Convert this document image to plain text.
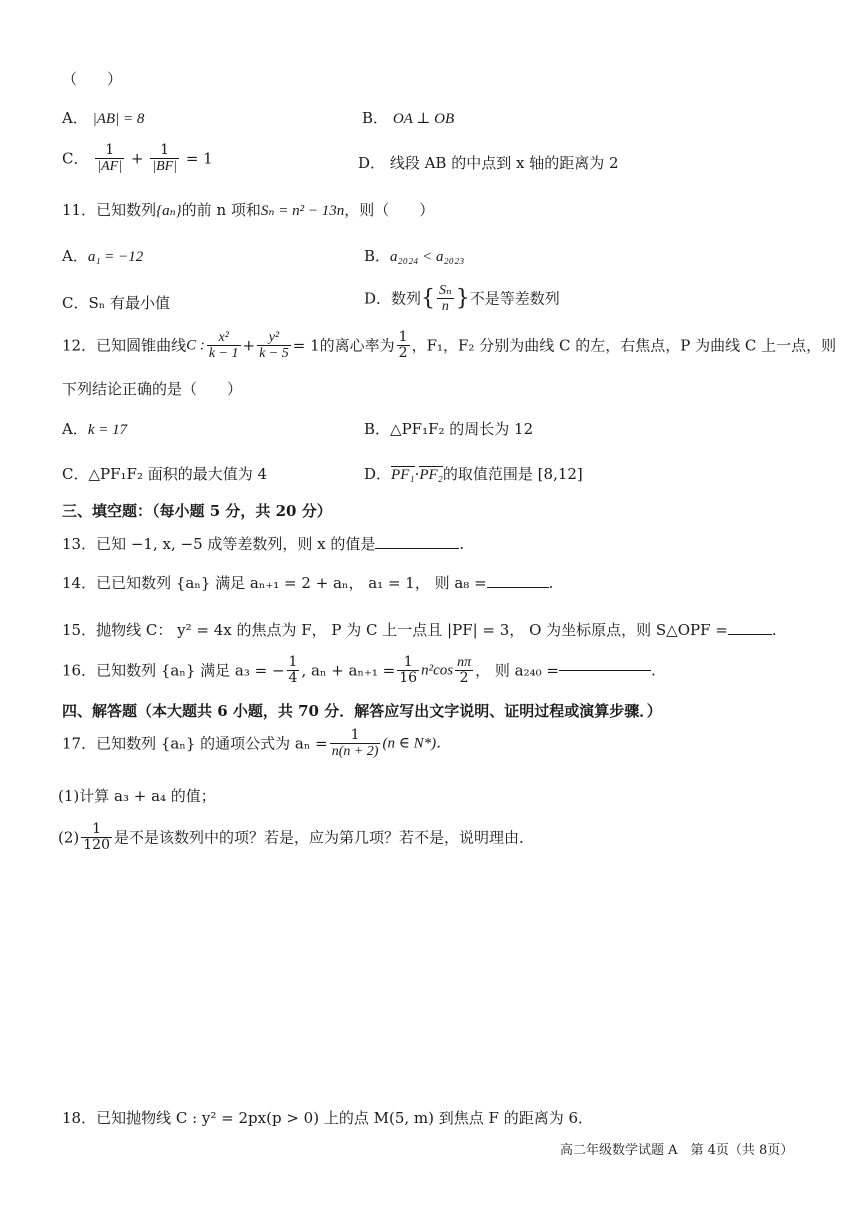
（　　）
A． |AB| = 8	B． OA ⊥ OB
C． $\frac{1}{|AF|} + \frac{1}{|BF|} = 1$	D． 线段 AB 的中点到 x 轴的距离为 2
11．已知数列{aₙ}的前 n 项和Sₙ = n² − 13n，则（　　）
A．a₁ = −12	B．a₂₀₂₄ < a₂₀₂₃
C．Sₙ 有最小值	D．数列{ $\frac{\text{Sₙ}}{n}$ }不是等差数列
12．已知圆锥曲线C : $\frac{\text{x²}}{k - 1} + \frac{\text{y²}}{k - 5} = 1$的离心率为 $\frac{1}{2}$ ，F₁，F₂ 分别为曲线 C 的左，右焦点，P 为曲线 C 上一点，则
下列结论正确的是（　　）
A．k = 17	B．△PF₁F₂ 的周长为 12
C．△PF₁F₂ 面积的最大值为 4	D．PF₁·PF₂的取值范围是 [8,12]
三、填空题：（每小题 5 分，共 20 分）
13．已知 −1, x, −5 成等差数列，则 x 的值是	.
14．已已知数列 {aₙ} 满足 aₙ₊₁ = 2 + aₙ， a₁ = 1， 则 a₈ =	.
15．抛物线 C： y² = 4x 的焦点为 F， P 为 C 上一点且 |PF| = 3， O 为坐标原点，则 S△OPF =	.
16．已知数列 {aₙ} 满足 a₃ = − $\frac{1}{4}$ , $a_n + a_{n+1} = \frac{1}{16} n^2\cos \frac{n\pi}{2}$ ， 则 a₂₄₀ =	.
四、解答题（本大题共 6 小题，共 70 分．解答应写出文字说明、证明过程或演算步骤．）
17．已知数列 {aₙ} 的通项公式为 $a_n = \frac{1}{n(n + 2)} (n$ ∈ N*)．
(1)计算 a₃ + a₄ 的值；
$(2) \frac{1}{120}$ 是不是该数列中的项？若是，应为第几项？若不是，说明理由．
18．已知抛物线 C : y² = 2px(p > 0) 上的点 M(5, m) 到焦点 F 的距离为 6．
高二年级数学试题 A　第 4页（共 8页）
